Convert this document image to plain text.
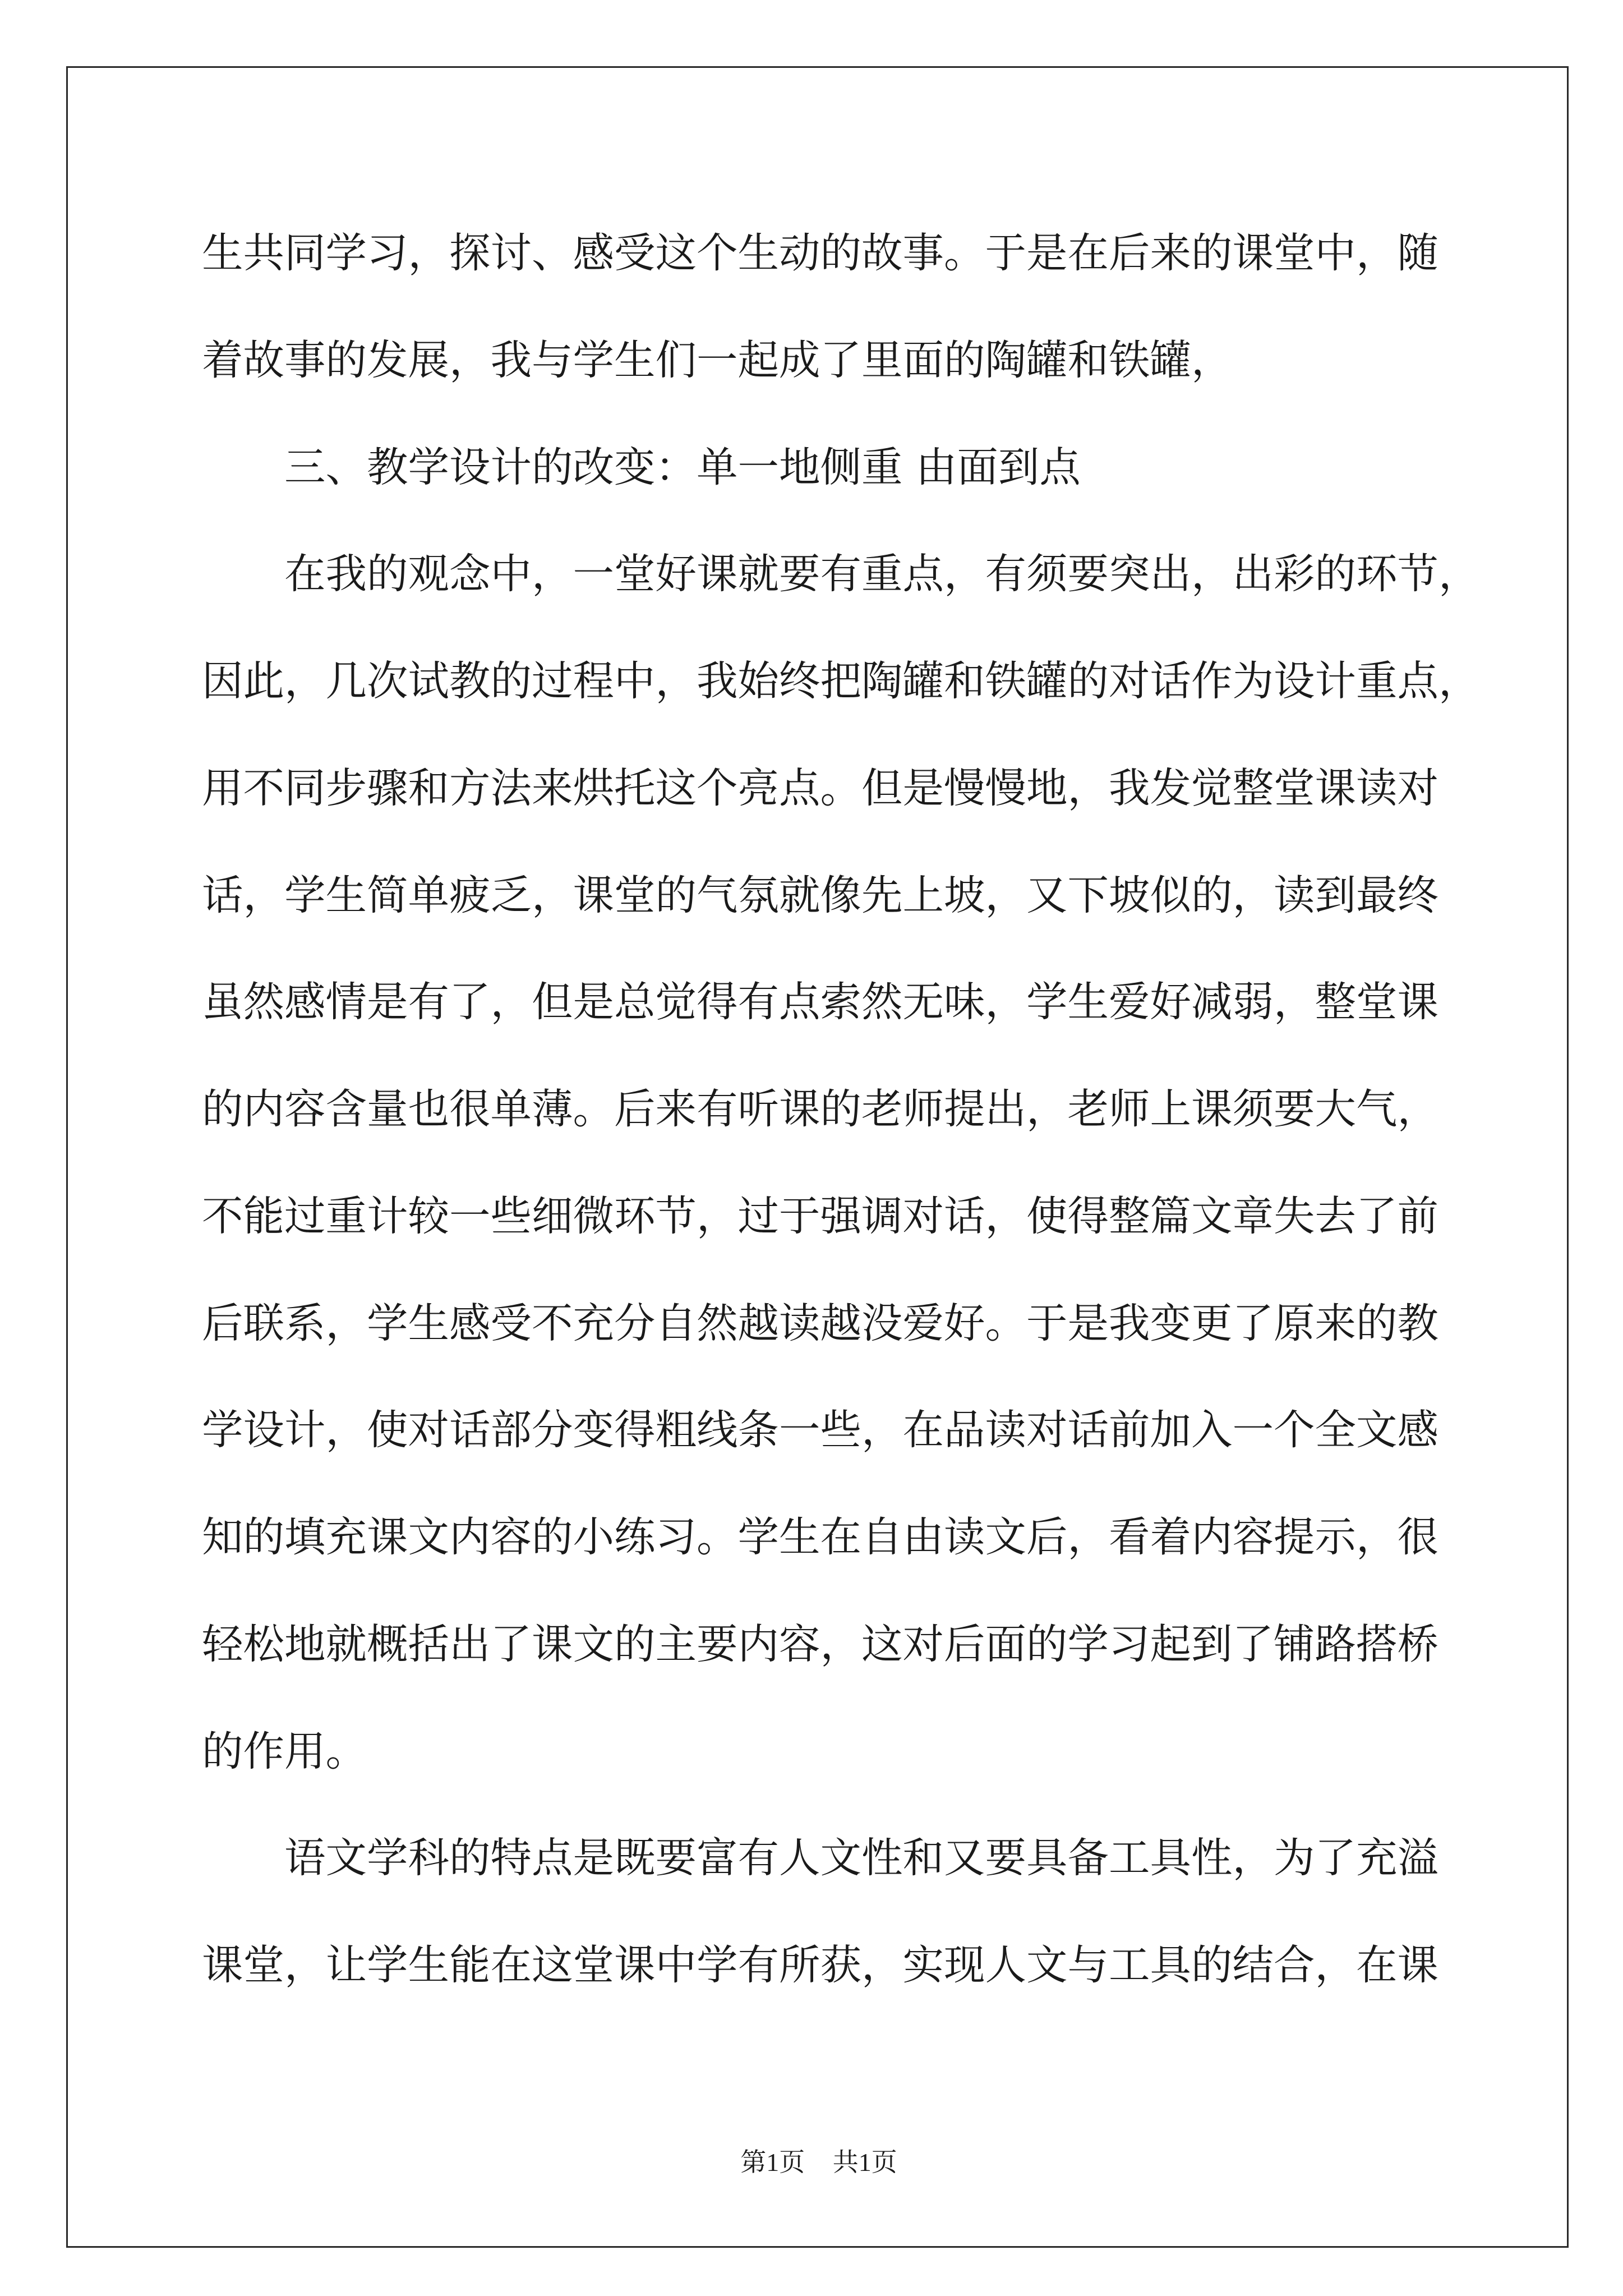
生共同学习，探讨、感受这个生动的故事。于是在后来的课堂中，随
着故事的发展，我与学生们一起成了里面的陶罐和铁罐，
三、教学设计的改变：单一地侧重 由面到点
在我的观念中，一堂好课就要有重点，有须要突出，出彩的环节，
因此，几次试教的过程中，我始终把陶罐和铁罐的对话作为设计重点，
用不同步骤和方法来烘托这个亮点。但是慢慢地，我发觉整堂课读对
话，学生简单疲乏，课堂的气氛就像先上坡，又下坡似的，读到最终
虽然感情是有了，但是总觉得有点索然无味，学生爱好减弱，整堂课
的内容含量也很单薄。后来有听课的老师提出，老师上课须要大气，
不能过重计较一些细微环节，过于强调对话，使得整篇文章失去了前
后联系，学生感受不充分自然越读越没爱好。于是我变更了原来的教
学设计，使对话部分变得粗线条一些，在品读对话前加入一个全文感
知的填充课文内容的小练习。学生在自由读文后，看着内容提示，很
轻松地就概括出了课文的主要内容，这对后面的学习起到了铺路搭桥
的作用。
语文学科的特点是既要富有人文性和又要具备工具性，为了充溢
课堂，让学生能在这堂课中学有所获，实现人文与工具的结合，在课
第1页 共1页
